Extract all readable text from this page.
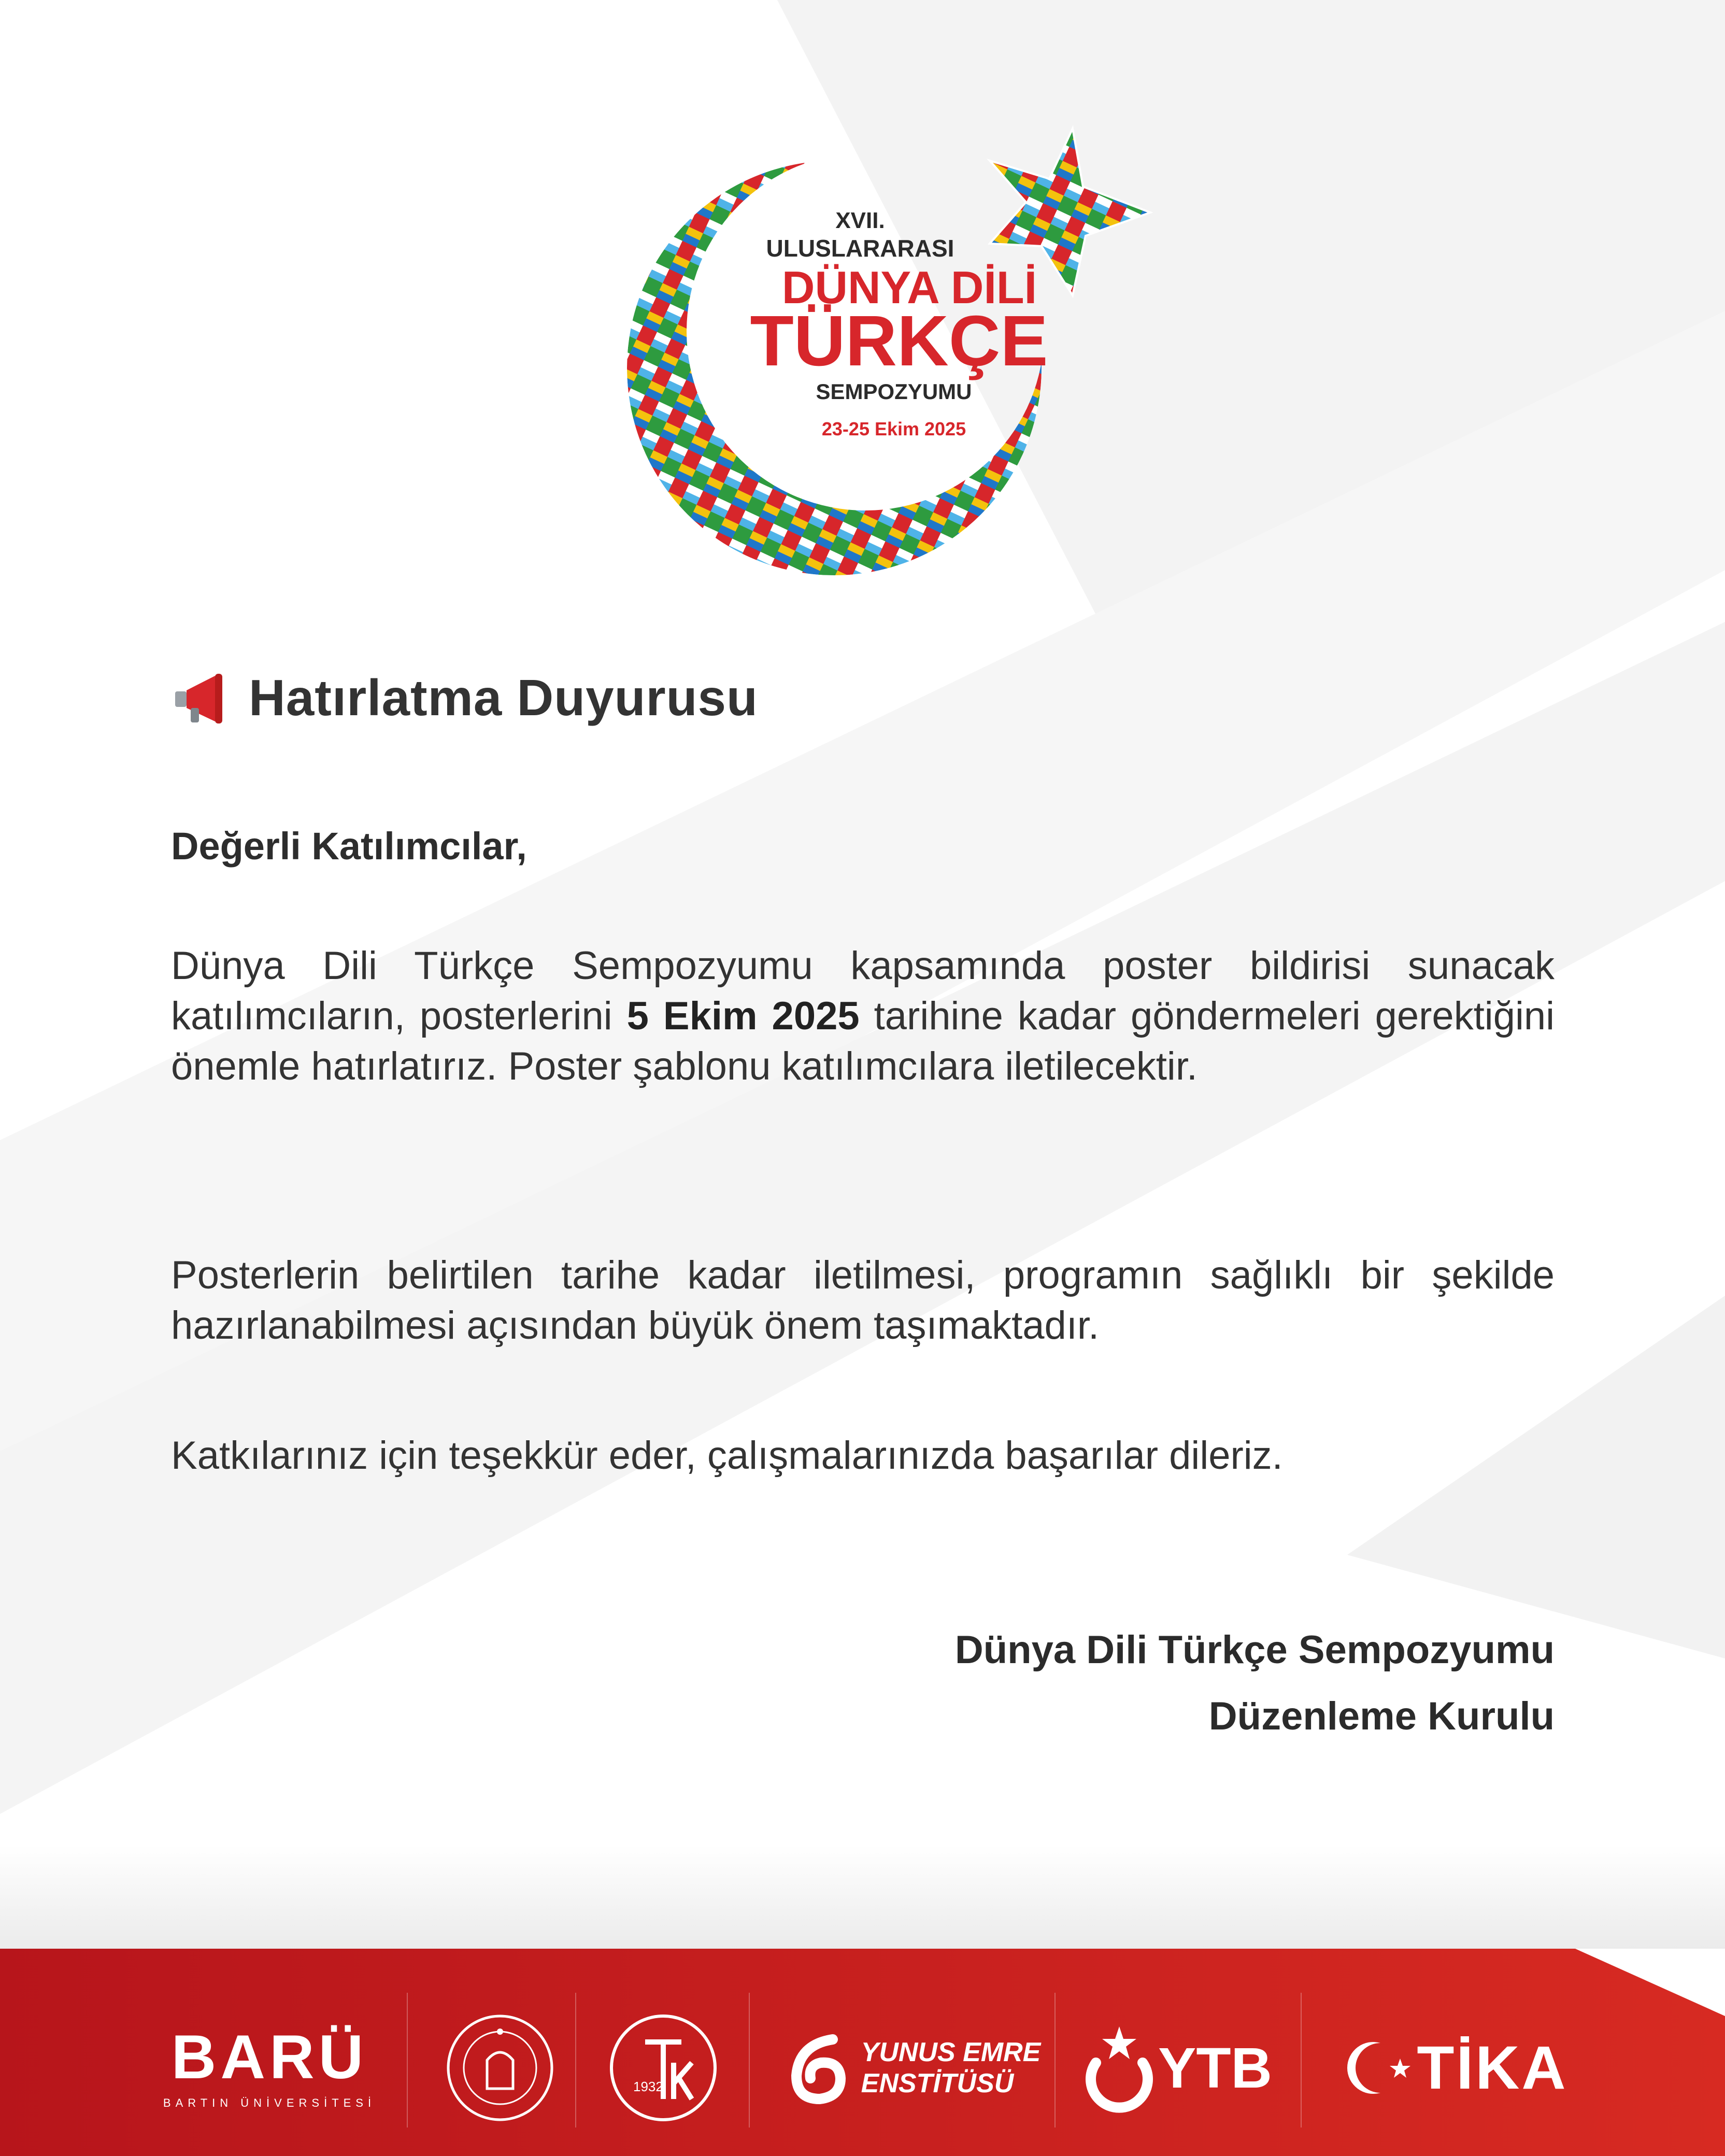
XVII.
ULUSLARARASI
DÜNYA DİLİ
TÜRKÇE
SEMPOZYUMU
23-25 Ekim 2025
Hatırlatma Duyurusu
Değerli Katılımcılar,
Dünya Dili Türkçe Sempozyumu kapsamında poster bildirisi sunacak katılımcıların, posterlerini 5 Ekim 2025 tarihine kadar göndermeleri gerektiğini önemle hatırlatırız. Poster şablonu katılımcılara iletilecektir.
Posterlerin belirtilen tarihe kadar iletilmesi, programın sağlıklı bir şekilde hazırlanabilmesi açısından büyük önem taşımaktadır.
Katkılarınız için teşekkür eder, çalışmalarınızda başarılar dileriz.
Dünya Dili Türkçe Sempozyumu
Düzenleme Kurulu
BARÜ
BARTIN ÜNİVERSİTESİ
1932
YUNUS EMRE
ENSTİTÜSÜ	YTB TİKA
